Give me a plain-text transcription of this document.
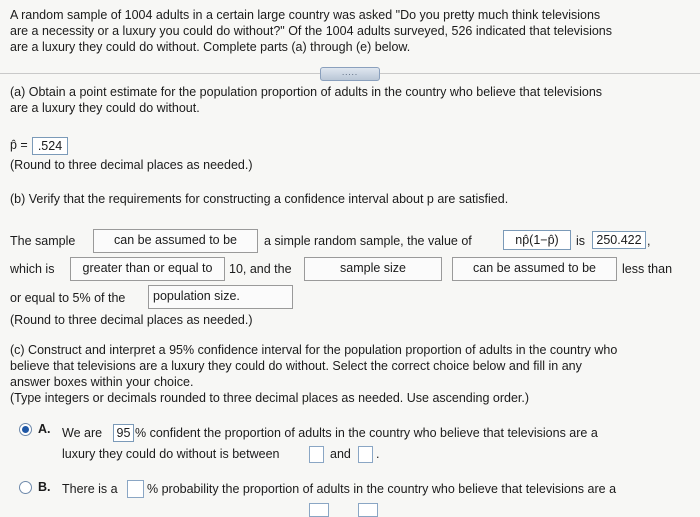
A random sample of 1004 adults in a certain large country was asked "Do you pretty much think televisions
are a necessity or a luxury you could do without?" Of the 1004 adults surveyed, 526 indicated that televisions
are a luxury they could do without. Complete parts (a) through (e) below.
.....
(a) Obtain a point estimate for the population proportion of adults in the country who believe that televisions
are a luxury they could do without.
p̂ = .524
(Round to three decimal places as needed.)
(b) Verify that the requirements for constructing a confidence interval about p are satisfied.
The sample	can be assumed to be	a simple random sample, the value of	np̂(1−p̂)	is 250.422 ,
which is	greater than or equal to	10, and the	sample size	can be assumed to be	less than
or equal to 5% of the	population size.
(Round to three decimal places as needed.)
(c) Construct and interpret a 95% confidence interval for the population proportion of adults in the country who
believe that televisions are a luxury they could do without. Select the correct choice below and fill in any
answer boxes within your choice.
(Type integers or decimals rounded to three decimal places as needed. Use ascending order.)
A. We are 95 % confident the proportion of adults in the country who believe that televisions are a
luxury they could do without is between	and .
B. There is a % probability the proportion of adults in the country who believe that televisions are a
